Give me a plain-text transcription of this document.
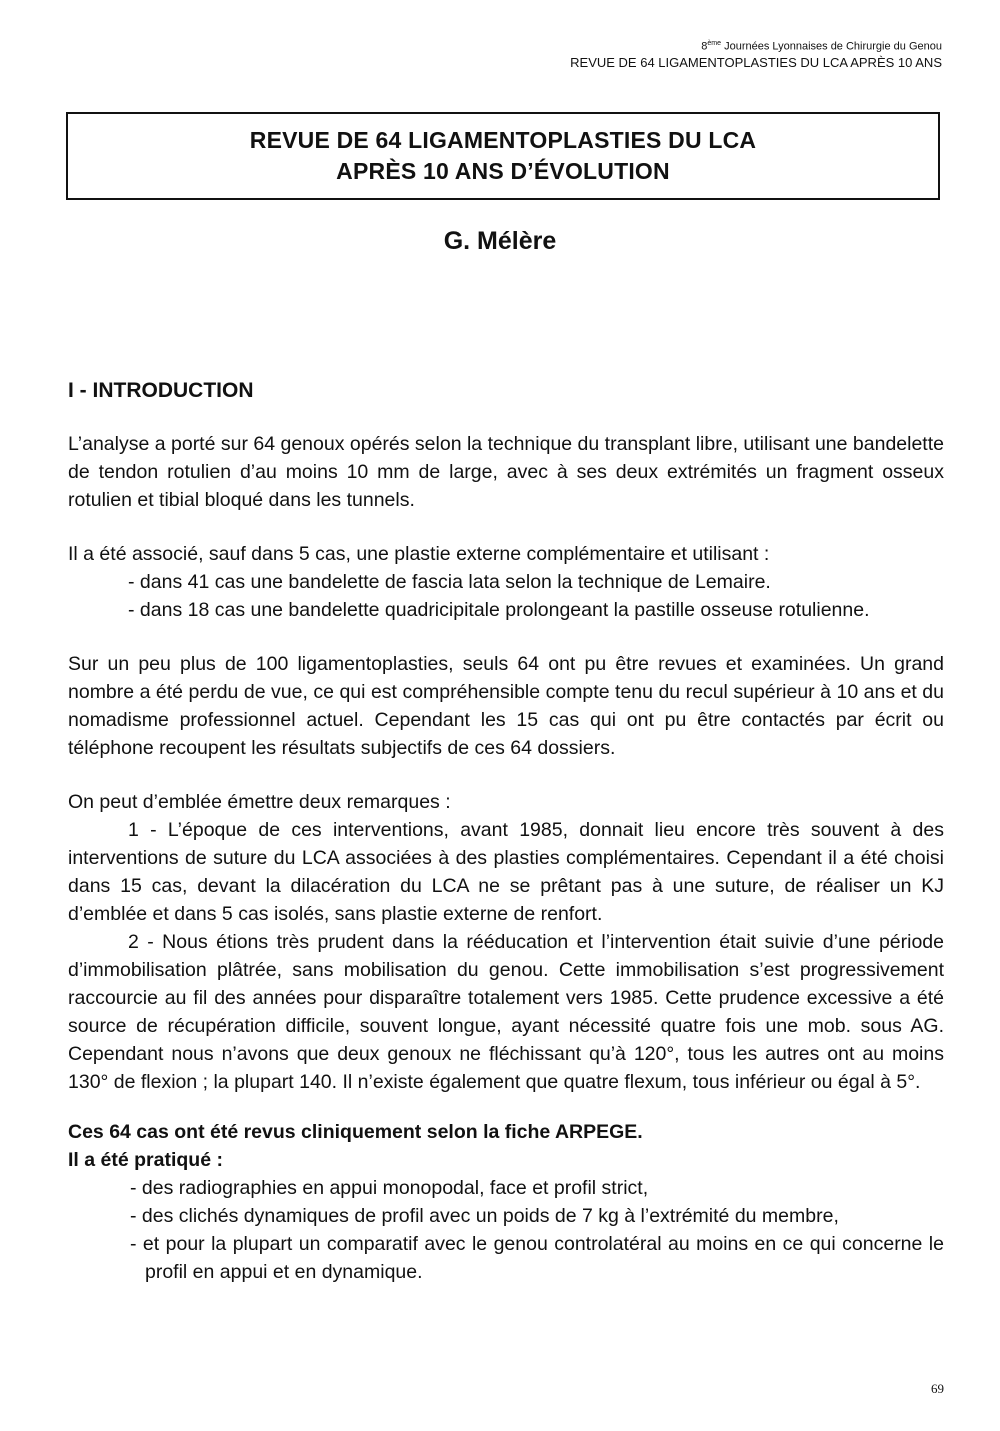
8ème Journées Lyonnaises de Chirurgie du Genou
REVUE DE 64 LIGAMENTOPLASTIES DU LCA APRÈS 10 ANS
REVUE DE 64 LIGAMENTOPLASTIES DU LCA
APRÈS 10 ANS D’ÉVOLUTION
G. Mélère
I - INTRODUCTION

L’analyse a porté sur 64 genoux opérés selon la technique du transplant libre, utilisant une bandelette de tendon rotulien d’au moins 10 mm de large, avec à ses deux extrémités un fragment osseux rotulien et tibial bloqué dans les tunnels.

Il a été associé, sauf dans 5 cas, une plastie externe complémentaire et utilisant :

- dans 41 cas une bandelette de fascia lata selon la technique de Lemaire.

- dans 18 cas une bandelette quadricipitale prolongeant la pastille osseuse rotulienne.

Sur un peu plus de 100 ligamentoplasties, seuls 64 ont pu être revues et examinées. Un grand nombre a été perdu de vue, ce qui est compréhensible compte tenu du recul supérieur à 10 ans et du nomadisme professionnel actuel. Cependant les 15 cas qui ont pu être contactés par écrit ou téléphone recoupent les résultats subjectifs de ces 64 dossiers.

On peut d’emblée émettre deux remarques :

1 - L’époque de ces interventions, avant 1985, donnait lieu encore très souvent à des interventions de suture du LCA associées à des plasties complémentaires. Cependant il a été choisi dans 15 cas, devant la dilacération du LCA ne se prêtant pas à une suture, de réaliser un KJ d’emblée et dans 5 cas isolés, sans plastie externe de renfort.

2 - Nous étions très prudent dans la rééducation et l’intervention était suivie d’une période d’immobilisation plâtrée, sans mobilisation du genou. Cette immobilisation s’est progressivement raccourcie au fil des années pour disparaître totalement vers 1985. Cette prudence excessive a été source de récupération difficile, souvent longue, ayant nécessité quatre fois une mob. sous AG. Cependant nous n’avons que deux genoux ne fléchissant qu’à 120°, tous les autres ont au moins 130° de flexion ; la plupart 140. Il n’existe également que quatre flexum, tous inférieur ou égal à 5°.

Ces 64 cas ont été revus cliniquement selon la fiche ARPEGE.

Il a été pratiqué :

- des radiographies en appui monopodal, face et profil strict,
- des clichés dynamiques de profil avec un poids de 7 kg à l’extrémité du membre,
- et pour la plupart un comparatif avec le genou controlatéral au moins en ce qui concerne le profil en appui et en dynamique.
69
